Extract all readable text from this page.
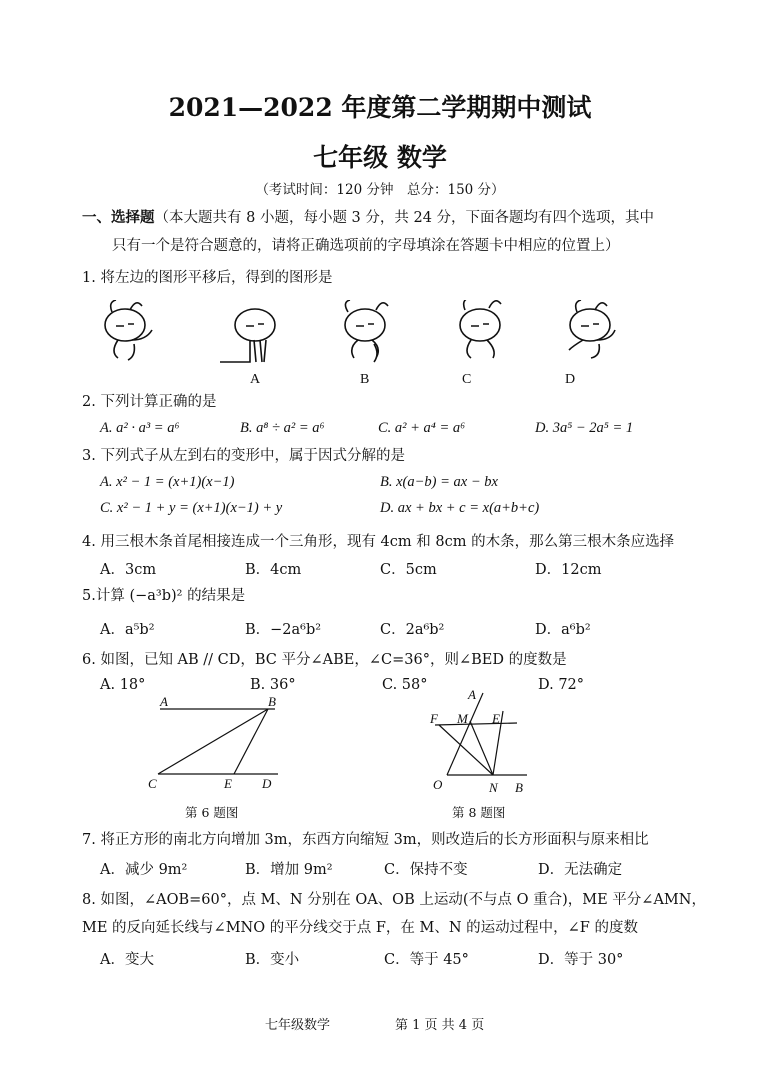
2021—2022 年度第二学期期中测试
七年级 数学
（考试时间：120 分钟　总分：150 分）
一、选择题（本大题共有 8 小题，每小题 3 分，共 24 分，下面各题均有四个选项，其中
只有一个是符合题意的，请将正确选项前的字母填涂在答题卡中相应的位置上）
1. 将左边的图形平移后，得到的图形是
A	B	C	D
2. 下列计算正确的是
A. a² · a³ = a⁶	B. a⁸ ÷ a² = a⁶	C. a² + a⁴ = a⁶	D. 3a⁵ − 2a⁵ = 1
3. 下列式子从左到右的变形中，属于因式分解的是
A. x² − 1 = (x+1)(x−1)	B. x(a−b) = ax − bx
C. x² − 1 + y = (x+1)(x−1) + y	D. ax + bx + c = x(a+b+c)
4. 用三根木条首尾相接连成一个三角形，现有 4cm 和 8cm 的木条，那么第三根木条应选择
A．3cm	B．4cm	C．5cm	D．12cm
5.计算 (−a³b)² 的结果是
A．a⁵b²	B．−2a⁶b²	C．2a⁶b²	D．a⁶b²
6. 如图，已知 AB // CD，BC 平分∠ABE，∠C=36°，则∠BED 的度数是
A. 18°	B. 36°	C. 58°	D. 72°
A	B
C	E D
第 6 题图
A
F M E
O	N B
第 8 题图
7. 将正方形的南北方向增加 3m，东西方向缩短 3m，则改造后的长方形面积与原来相比
A．减少 9m²	B．增加 9m²	C．保持不变	D．无法确定
8. 如图，∠AOB=60°，点 M、N 分别在 OA、OB 上运动(不与点 O 重合)，ME 平分∠AMN，
ME 的反向延长线与∠MNO 的平分线交于点 F，在 M、N 的运动过程中，∠F 的度数
A．变大	B．变小	C．等于 45°	D．等于 30°
七年级数学	第 1 页 共 4 页
